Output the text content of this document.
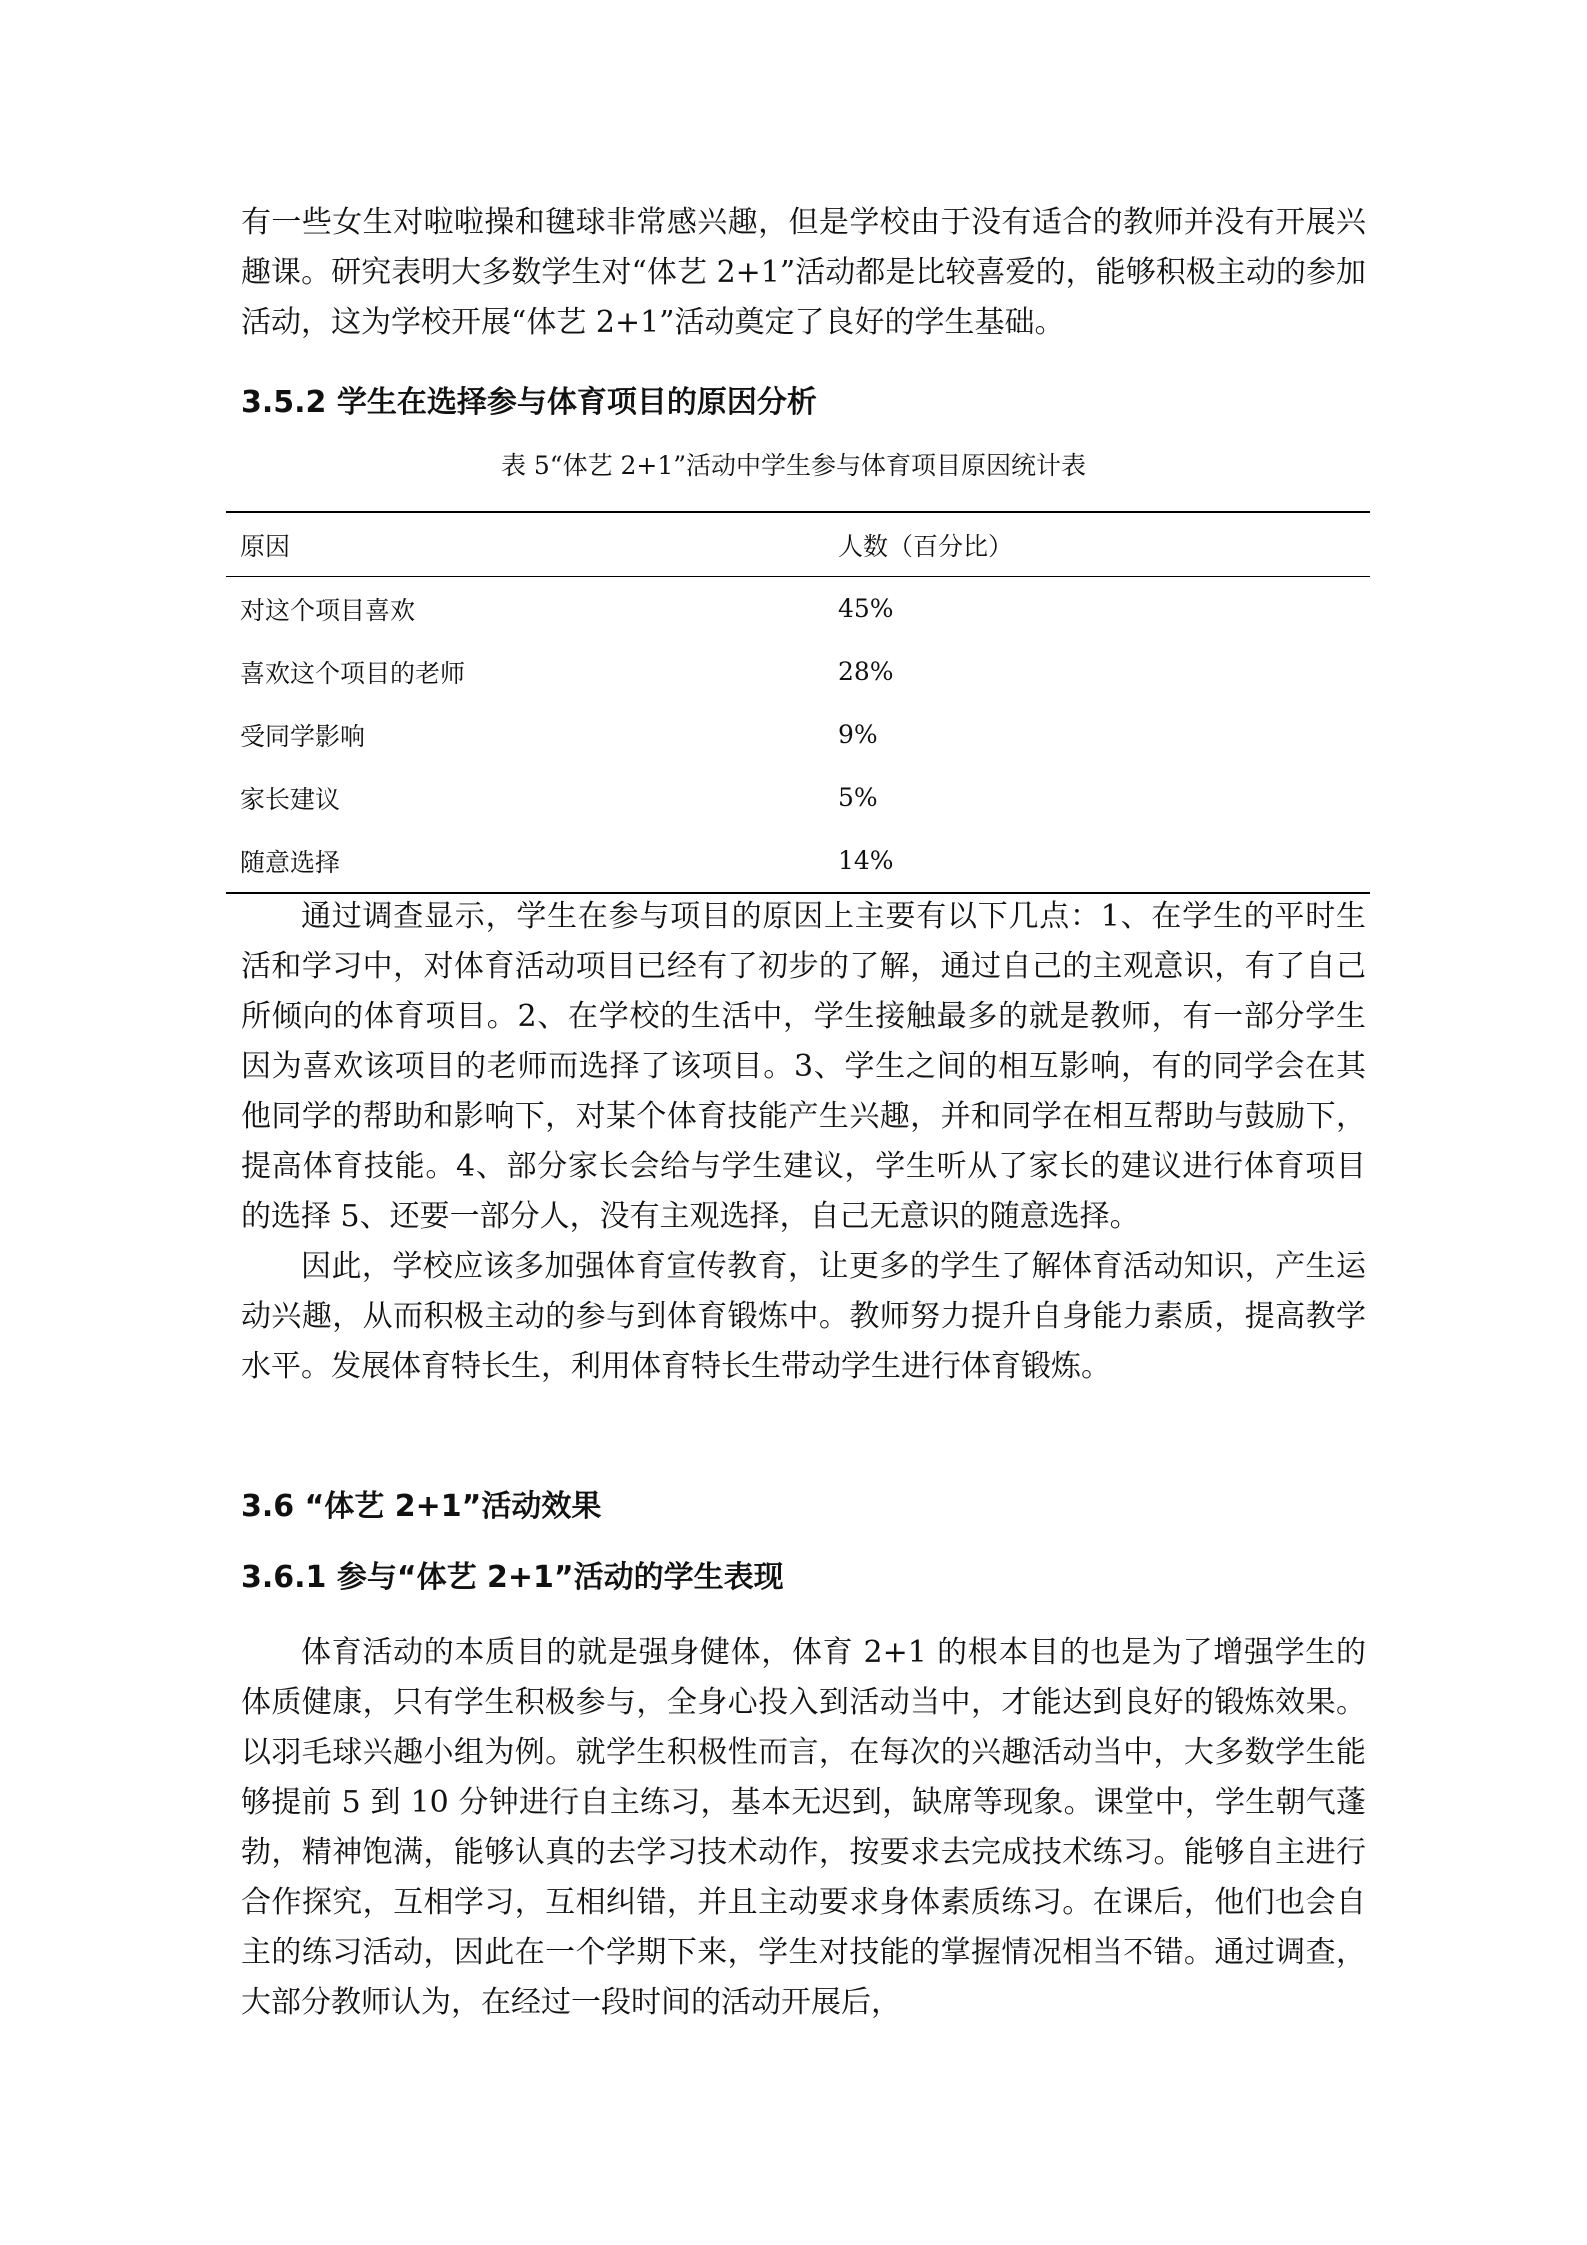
有一些女生对啦啦操和毽球非常感兴趣，但是学校由于没有适合的教师并没有开展兴趣课。研究表明大多数学生对“体艺 2+1”活动都是比较喜爱的，能够积极主动的参加活动，这为学校开展“体艺 2+1”活动奠定了良好的学生基础。

3.5.2 学生在选择参与体育项目的原因分析
表 5“体艺 2+1”活动中学生参与体育项目原因统计表
原因	人数（百分比）
对这个项目喜欢	45%
喜欢这个项目的老师	28%
受同学影响	9%
家长建议	5%
随意选择	14%

通过调查显示，学生在参与项目的原因上主要有以下几点：1、在学生的平时生活和学习中，对体育活动项目已经有了初步的了解，通过自己的主观意识，有了自己所倾向的体育项目。2、在学校的生活中，学生接触最多的就是教师，有一部分学生因为喜欢该项目的老师而选择了该项目。3、学生之间的相互影响，有的同学会在其他同学的帮助和影响下，对某个体育技能产生兴趣，并和同学在相互帮助与鼓励下，提高体育技能。4、部分家长会给与学生建议，学生听从了家长的建议进行体育项目的选择 5、还要一部分人，没有主观选择，自己无意识的随意选择。

因此，学校应该多加强体育宣传教育，让更多的学生了解体育活动知识，产生运动兴趣，从而积极主动的参与到体育锻炼中。教师努力提升自身能力素质，提高教学水平。发展体育特长生，利用体育特长生带动学生进行体育锻炼。

3.6 “体艺 2+1”活动效果
3.6.1 参与“体艺 2+1”活动的学生表现

体育活动的本质目的就是强身健体，体育 2+1 的根本目的也是为了增强学生的体质健康，只有学生积极参与，全身心投入到活动当中，才能达到良好的锻炼效果。以羽毛球兴趣小组为例。就学生积极性而言，在每次的兴趣活动当中，大多数学生能够提前 5 到 10 分钟进行自主练习，基本无迟到，缺席等现象。课堂中，学生朝气蓬勃，精神饱满，能够认真的去学习技术动作，按要求去完成技术练习。能够自主进行合作探究，互相学习，互相纠错，并且主动要求身体素质练习。在课后，他们也会自主的练习活动，因此在一个学期下来，学生对技能的掌握情况相当不错。通过调查，大部分教师认为，在经过一段时间的活动开展后，
